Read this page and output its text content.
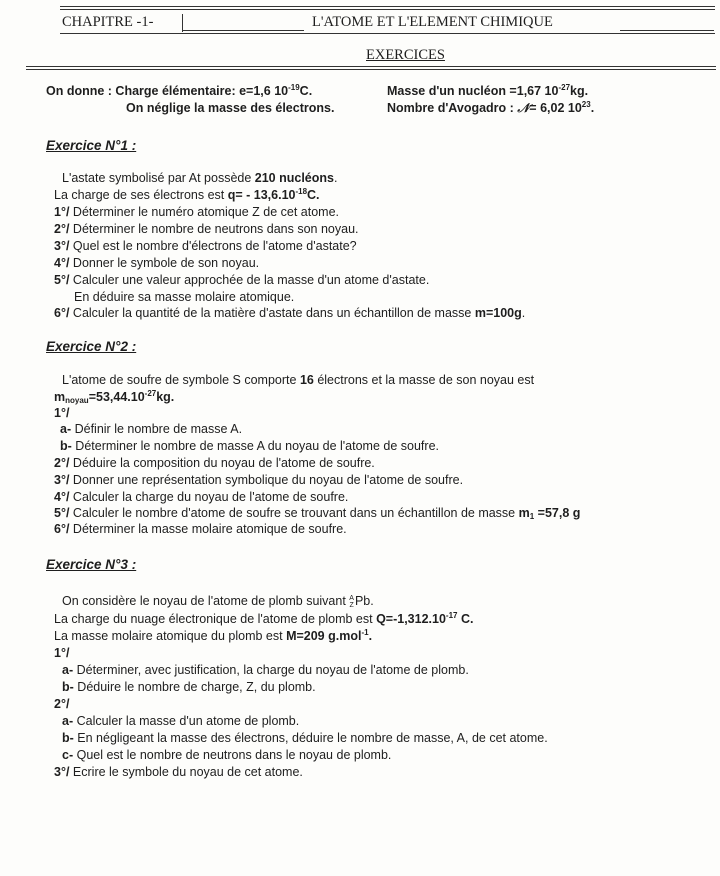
CHAPITRE -1-	L'ATOME ET L'ELEMENT CHIMIQUE
EXERCICES
On donne : Charge élémentaire: e=1,6 $10^{-19}C$.	Masse d'un nucléon =1,67 $10^{-27}kg$.
On néglige la masse des électrons.	Nombre d'Avogadro : 𝒩= 6,02 $10^{23}$.
Exercice N°1 :
L'astate symbolisé par At possède 210 nucléons.
La charge de ses électrons est $q= - 13,6.10^{-18}C$.
1°/ Déterminer le numéro atomique Z de cet atome.
2°/ Déterminer le nombre de neutrons dans son noyau.
3°/ Quel est le nombre d'électrons de l'atome d'astate?
4°/ Donner le symbole de son noyau.
5°/ Calculer une valeur approchée de la masse d'un atome d'astate.
En déduire sa masse molaire atomique.
6°/ Calculer la quantité de la matière d'astate dans un échantillon de masse m=100g.
Exercice N°2 :
L'atome de soufre de symbole S comporte 16 électrons et la masse de son noyau est
$m_{noyau}=53,44.10^{-27}kg$.
1°/
a- Définir le nombre de masse A.
b- Déterminer le nombre de masse A du noyau de l'atome de soufre.
2°/ Déduire la composition du noyau de l'atome de soufre.
3°/ Donner une représentation symbolique du noyau de l'atome de soufre.
4°/ Calculer la charge du noyau de l'atome de soufre.
5°/ Calculer le nombre d'atome de soufre se trouvant dans un échantillon de masse $m_1 =57,8$ g
6°/ Déterminer la masse molaire atomique de soufre.
Exercice N°3 :
On considère le noyau de l'atome de plomb suivant A
ZPb.
La charge du nuage électronique de l'atome de plomb est $Q=-1,312.10^{-17}$ C.
La masse molaire atomique du plomb est M=209 g.mol$^{-1}$.
1°/
a- Déterminer, avec justification, la charge du noyau de l'atome de plomb.
b- Déduire le nombre de charge, Z, du plomb.
2°/
a- Calculer la masse d'un atome de plomb.
b- En négligeant la masse des électrons, déduire le nombre de masse, A, de cet atome.
c- Quel est le nombre de neutrons dans le noyau de plomb.
3°/ Ecrire le symbole du noyau de cet atome.
